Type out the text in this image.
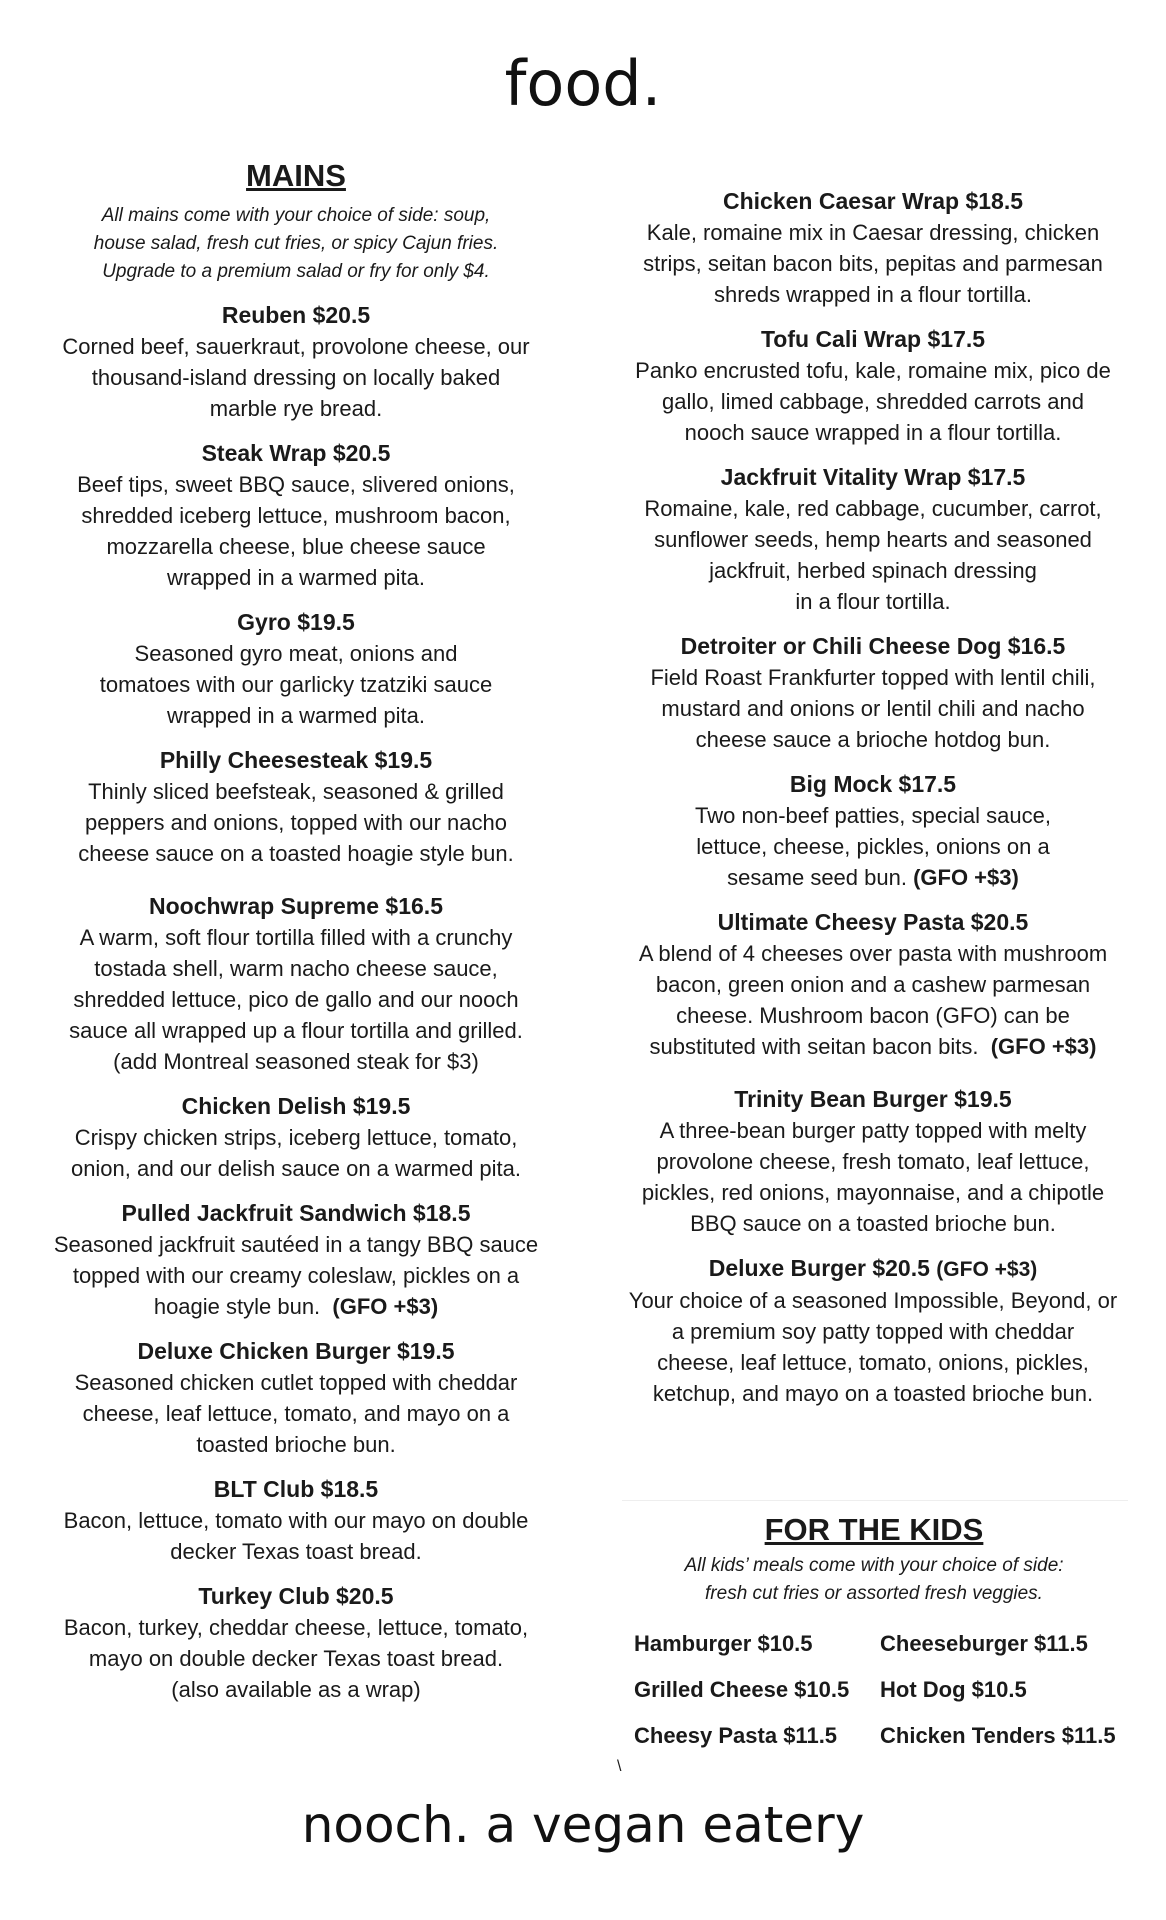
food.
MAINS
All mains come with your choice of side: soup,
house salad, fresh cut fries, or spicy Cajun fries.
Upgrade to a premium salad or fry for only $4.
Reuben $20.5
Corned beef, sauerkraut, provolone cheese, our
thousand-island dressing on locally baked
marble rye bread.
Steak Wrap $20.5
Beef tips, sweet BBQ sauce, slivered onions,
shredded iceberg lettuce, mushroom bacon,
mozzarella cheese, blue cheese sauce
wrapped in a warmed pita.
Gyro $19.5
Seasoned gyro meat, onions and
tomatoes with our garlicky tzatziki sauce
wrapped in a warmed pita.
Philly Cheesesteak $19.5
Thinly sliced beefsteak, seasoned & grilled
peppers and onions, topped with our nacho
cheese sauce on a toasted hoagie style bun.
Noochwrap Supreme $16.5
A warm, soft flour tortilla filled with a crunchy
tostada shell, warm nacho cheese sauce,
shredded lettuce, pico de gallo and our nooch
sauce all wrapped up a flour tortilla and grilled.
(add Montreal seasoned steak for $3)
Chicken Delish $19.5
Crispy chicken strips, iceberg lettuce, tomato,
onion, and our delish sauce on a warmed pita.
Pulled Jackfruit Sandwich $18.5
Seasoned jackfruit sautéed in a tangy BBQ sauce
topped with our creamy coleslaw, pickles on a
hoagie style bun. (GFO +$3)
Deluxe Chicken Burger $19.5
Seasoned chicken cutlet topped with cheddar
cheese, leaf lettuce, tomato, and mayo on a
toasted brioche bun.
BLT Club $18.5
Bacon, lettuce, tomato with our mayo on double
decker Texas toast bread.
Turkey Club $20.5
Bacon, turkey, cheddar cheese, lettuce, tomato,
mayo on double decker Texas toast bread.
(also available as a wrap)
Chicken Caesar Wrap $18.5
Kale, romaine mix in Caesar dressing, chicken
strips, seitan bacon bits, pepitas and parmesan
shreds wrapped in a flour tortilla.
Tofu Cali Wrap $17.5
Panko encrusted tofu, kale, romaine mix, pico de
gallo, limed cabbage, shredded carrots and
nooch sauce wrapped in a flour tortilla.
Jackfruit Vitality Wrap $17.5
Romaine, kale, red cabbage, cucumber, carrot,
sunflower seeds, hemp hearts and seasoned
jackfruit, herbed spinach dressing
in a flour tortilla.
Detroiter or Chili Cheese Dog $16.5
Field Roast Frankfurter topped with lentil chili,
mustard and onions or lentil chili and nacho
cheese sauce a brioche hotdog bun.
Big Mock $17.5
Two non-beef patties, special sauce,
lettuce, cheese, pickles, onions on a
sesame seed bun. (GFO +$3)
Ultimate Cheesy Pasta $20.5
A blend of 4 cheeses over pasta with mushroom
bacon, green onion and a cashew parmesan
cheese. Mushroom bacon (GFO) can be
substituted with seitan bacon bits. (GFO +$3)
Trinity Bean Burger $19.5
A three-bean burger patty topped with melty
provolone cheese, fresh tomato, leaf lettuce,
pickles, red onions, mayonnaise, and a chipotle
BBQ sauce on a toasted brioche bun.
Deluxe Burger $20.5 (GFO +$3)
Your choice of a seasoned Impossible, Beyond, or
a premium soy patty topped with cheddar
cheese, leaf lettuce, tomato, onions, pickles,
ketchup, and mayo on a toasted brioche bun.
FOR THE KIDS
All kids’ meals come with your choice of side:
fresh cut fries or assorted fresh veggies.
Hamburger $10.5	Cheeseburger $11.5
Grilled Cheese $10.5	Hot Dog $10.5
Cheesy Pasta $11.5	Chicken Tenders $11.5
\
nooch. a vegan eatery
